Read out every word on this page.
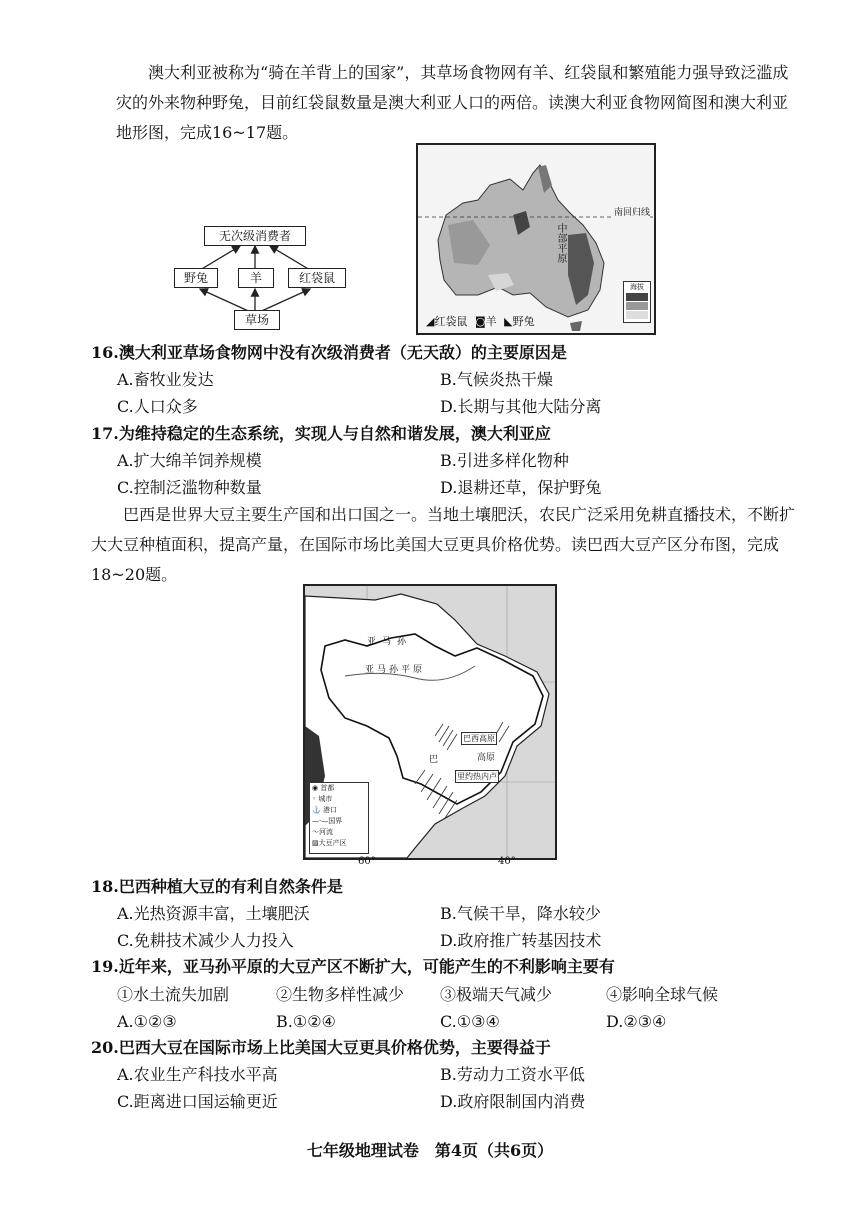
澳大利亚被称为“骑在羊背上的国家”，其草场食物网有羊、红袋鼠和繁殖能力强导致泛滥成灾的外来物种野兔，目前红袋鼠数量是澳大利亚人口的两倍。读澳大利亚食物网简图和澳大利亚地形图，完成16~17题。

无次级消费者
野兔	羊	红袋鼠
草场
南回归线
中部平原
海拔
◢红袋鼠 ◙羊 ◣野兔
16.澳大利亚草场食物网中没有次级消费者（无天敌）的主要原因是
A.畜牧业发达	B.气候炎热干燥
C.人口众多	D.长期与其他大陆分离
17.为维持稳定的生态系统，实现人与自然和谐发展，澳大利亚应
A.扩大绵羊饲养规模	B.引进多样化物种
C.控制泛滥物种数量	D.退耕还草，保护野兔

巴西是世界大豆主要生产国和出口国之一。当地土壤肥沃，农民广泛采用免耕直播技术，不断扩大大豆种植面积，提高产量，在国际市场比美国大豆更具价格优势。读巴西大豆产区分布图，完成18~20题。

亚马孙
亚马孙平原
巴西高原
巴	高原
里约热内卢
◉ 首都
◦ 城市
⚓ 港口
—·—国界
～河流
▨大豆产区
60°	40°
18.巴西种植大豆的有利自然条件是
A.光热资源丰富，土壤肥沃	B.气候干旱，降水较少
C.免耕技术减少人力投入	D.政府推广转基因技术
19.近年来，亚马孙平原的大豆产区不断扩大，可能产生的不利影响主要有
①水土流失加剧	②生物多样性减少 ③极端天气减少	④影响全球气候
A.①②③	B.①②④	C.①③④	D.②③④
20.巴西大豆在国际市场上比美国大豆更具价格优势，主要得益于
A.农业生产科技水平高	B.劳动力工资水平低
C.距离进口国运输更近	D.政府限制国内消费
七年级地理试卷　第4页（共6页）
